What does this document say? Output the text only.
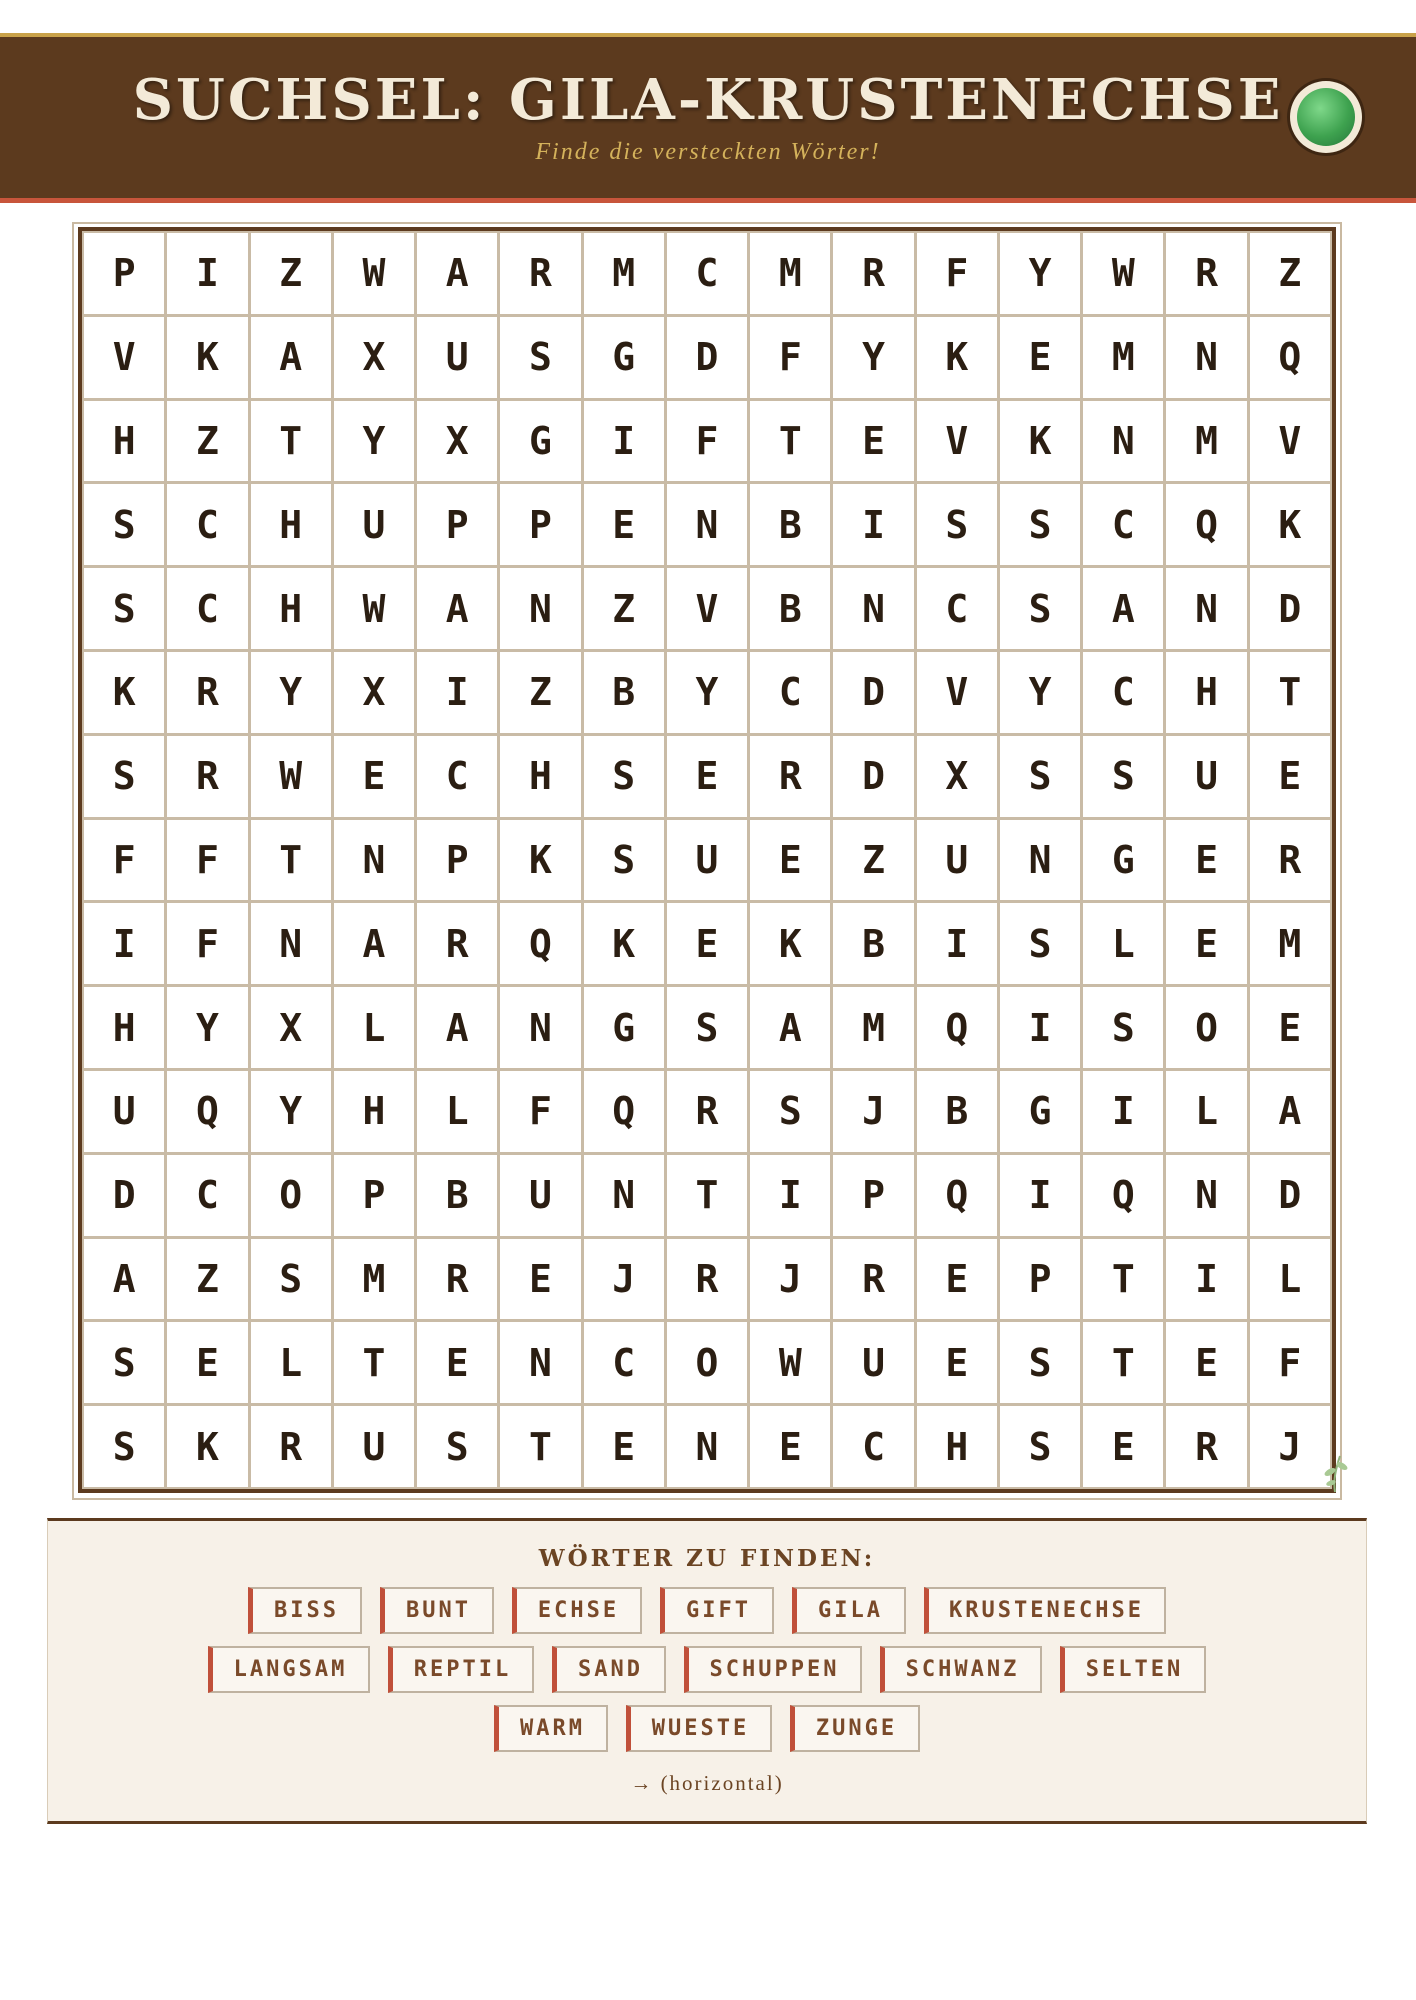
SUCHSEL: GILA-KRUSTENECHSE
Finde die versteckten Wörter!
P	I	Z	W	A	R	M	C	M	R	F	Y	W	R	Z
V	K	A	X	U	S	G	D	F	Y	K	E	M	N	Q
H	Z	T	Y	X	G	I	F	T	E	V	K	N	M	V
S	C	H	U	P	P	E	N	B	I	S	S	C	Q	K
S	C	H	W	A	N	Z	V	B	N	C	S	A	N	D
K	R	Y	X	I	Z	B	Y	C	D	V	Y	C	H	T
S	R	W	E	C	H	S	E	R	D	X	S	S	U	E
F	F	T	N	P	K	S	U	E	Z	U	N	G	E	R
I	F	N	A	R	Q	K	E	K	B	I	S	L	E	M
H	Y	X	L	A	N	G	S	A	M	Q	I	S	O	E
U	Q	Y	H	L	F	Q	R	S	J	B	G	I	L	A
D	C	O	P	B	U	N	T	I	P	Q	I	Q	N	D
A	Z	S	M	R	E	J	R	J	R	E	P	T	I	L
S	E	L	T	E	N	C	O	W	U	E	S	T	E	F
S	K	R	U	S	T	E	N	E	C	H	S	E	R	J
WÖRTER ZU FINDEN:
BISS	BUNT	ECHSE	GIFT	GILA	KRUSTENECHSE
LANGSAM	REPTIL	SAND	SCHUPPEN	SCHWANZ	SELTEN
WARM	WUESTE	ZUNGE
→ (horizontal)
